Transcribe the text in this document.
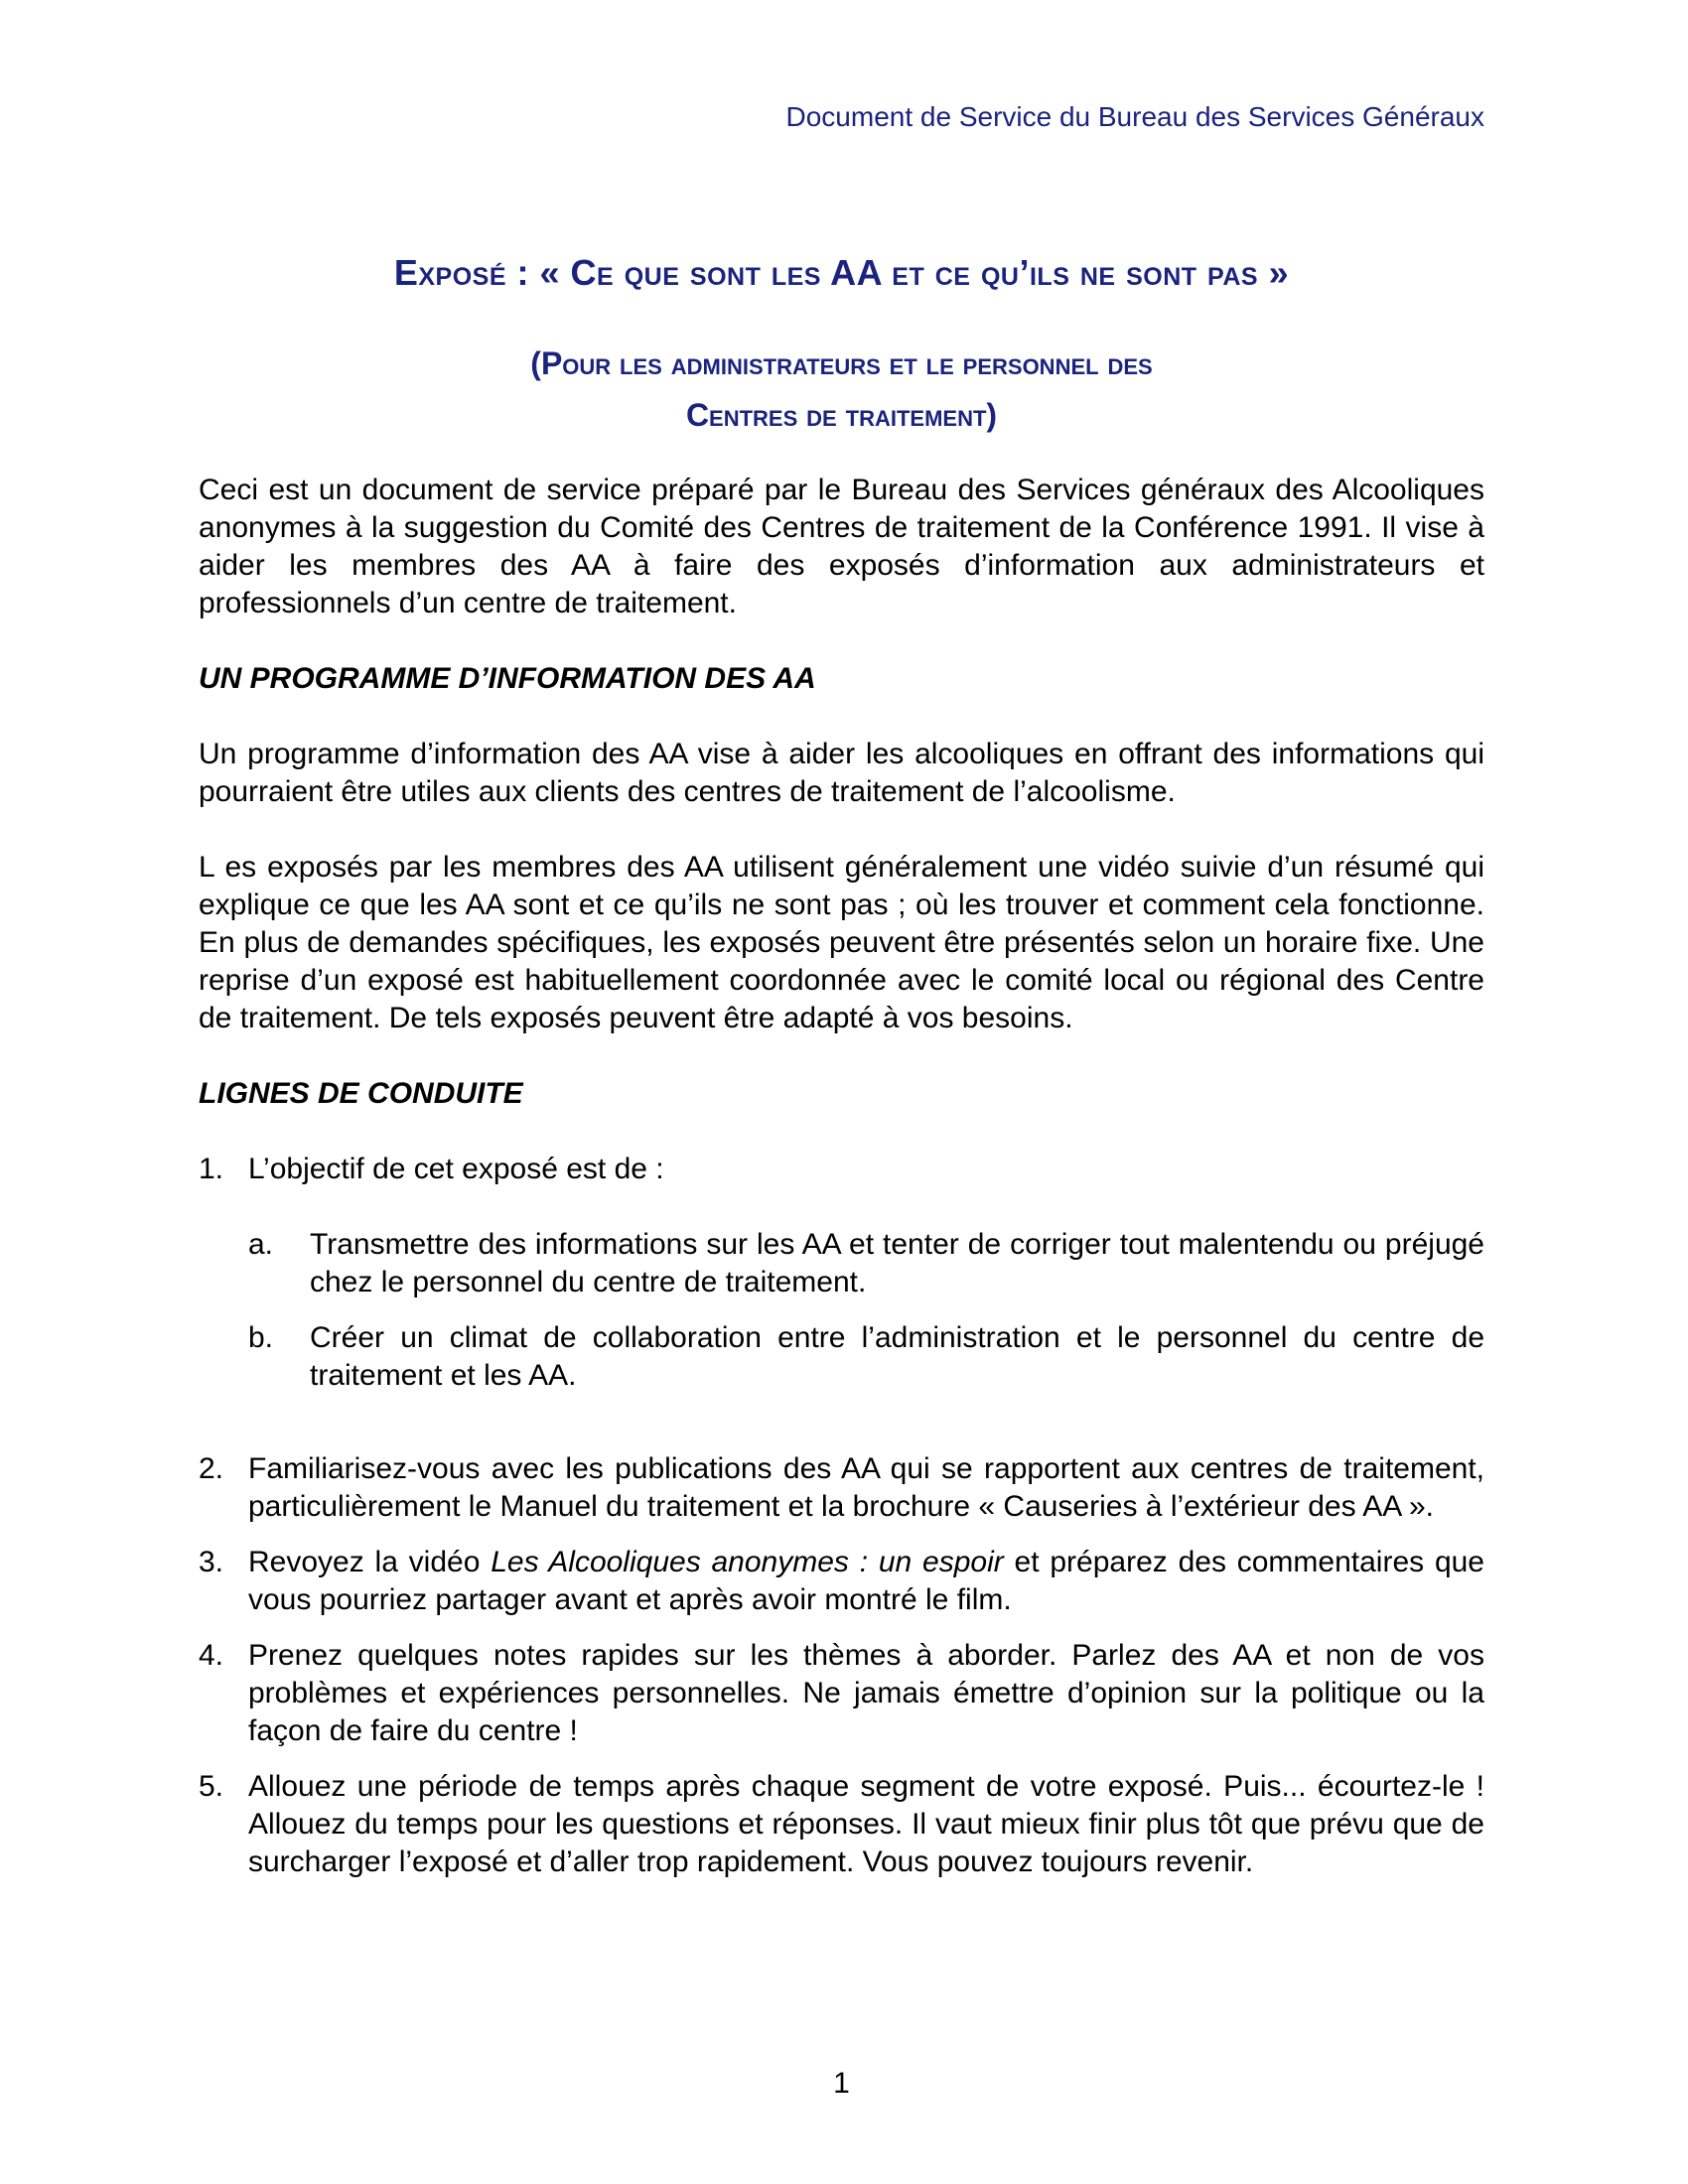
Document de Service du Bureau des Services Généraux
Exposé : « Ce que sont les AA et ce qu’ils ne sont pas »
(Pour les administrateurs et le personnel des
Centres de traitement)

Ceci est un document de service préparé par le Bureau des Services généraux des Alcooliques anonymes à la suggestion du Comité des Centres de traitement de la Conférence 1991. Il vise à aider les membres des AA à faire des exposés d’information aux administrateurs et professionnels d’un centre de traitement.

UN PROGRAMME D’INFORMATION DES AA

Un programme d’information des AA vise à aider les alcooliques en offrant des informations qui pourraient être utiles aux clients des centres de traitement de l’alcoolisme.

L es exposés par les membres des AA utilisent généralement une vidéo suivie d’un résumé qui explique ce que les AA sont et ce qu’ils ne sont pas ; où les trouver et comment cela fonctionne. En plus de demandes spécifiques, les exposés peuvent être présentés selon un horaire fixe. Une reprise d’un exposé est habituellement coordonnée avec le comité local ou régional des Centre de traitement. De tels exposés peuvent être adapté à vos besoins.

LIGNES DE CONDUITE
1. L’objectif de cet exposé est de :
a. Transmettre des informations sur les AA et tenter de corriger tout malentendu ou préjugé chez le personnel du centre de traitement.
b. Créer un climat de collaboration entre l’administration et le personnel du centre de traitement et les AA.
2. Familiarisez-vous avec les publications des AA qui se rapportent aux centres de traitement, particulièrement le Manuel du traitement et la brochure « Causeries à l’extérieur des AA ».
3. Revoyez la vidéo Les Alcooliques anonymes : un espoir et préparez des commentaires que vous pourriez partager avant et après avoir montré le film.
4. Prenez quelques notes rapides sur les thèmes à aborder. Parlez des AA et non de vos problèmes et expériences personnelles. Ne jamais émettre d’opinion sur la politique ou la façon de faire du centre !
5. Allouez une période de temps après chaque segment de votre exposé. Puis... écourtez-le ! Allouez du temps pour les questions et réponses. Il vaut mieux finir plus tôt que prévu que de surcharger l’exposé et d’aller trop rapidement. Vous pouvez toujours revenir.
1
